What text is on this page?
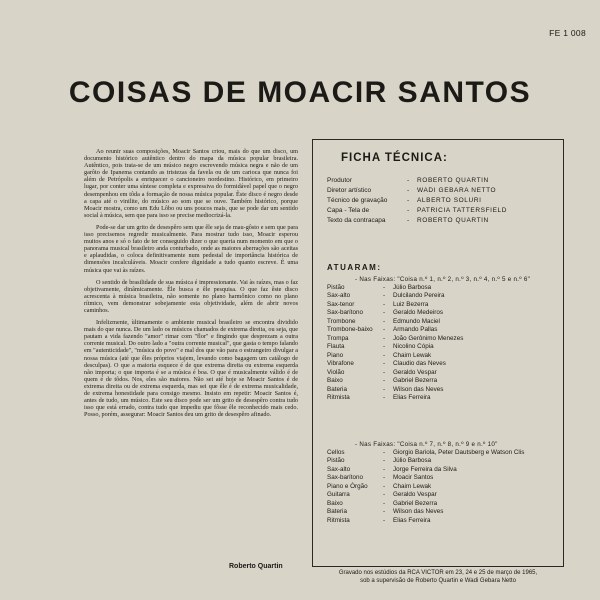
FE 1 008
COISAS DE MOACIR SANTOS

Ao reunir suas composições, Moacir Santos criou, mais do que um disco, um documento histórico autêntico dentro do mapa da música popular brasileira. Autêntico, pois trata-se de um músico negro escrevendo música negra e não de um garôto de Ipanema contando as tristezas da favela ou de um carioca que nunca foi além de Petrópolis a enriquecer o cancioneiro nordestino. Histórico, em primeiro lugar, por conter uma síntese completa e expressiva do formidável papel que o negro desempenhou em tôda a formação de nossa música popular. Êste disco é negro desde a capa até o vinilite, do músico ao som que se ouve. Também histórico, porque Moacir mostra, como um Edu Lôbo ou uns poucos mais, que se pode dar um sentido social à música, sem que para isso se precise mediocrizá-la.

Pode-se dar um grito de desespêro sem que êle seja de mau-gôsto e sem que para isso precisemos regredir musicalmente. Para mostrar tudo isso, Moacir esperou muitos anos e só o fato de ter conseguido dizer o que queria num momento em que o panorama musical brasileiro anda conturbado, onde as maiores aberrações são aceitas e aplaudidas, o coloca definitivamente num pedestal de importância histórica de dimensões incalculáveis. Moacir confere dignidade a tudo quanto escreve. É uma música que vai às raízes.

O sentido de brasilidade de sua música é impressionante. Vai às raízes, mas o faz objetivamente, dinâmicamente. Êle busca e êle pesquisa. O que faz êste disco acrescenta à música brasileira, não somente no plano harmônico como no plano rítmico, vem demonstrar sobejamente esta objetividade, além de abrir novos caminhos.

Infelizmente, ùltimamente o ambiente musical brasileiro se encontra dividido mais do que nunca. De um lado os músicos chamados de extrema direita, ou seja, que pautam a vida fazendo "amor" rimar com "flor" e fingindo que desprezam a outra corrente musical. Do outro lado a "outra corrente musical", que gasta o tempo falando em "autenticidade", "música do povo" e mal dos que vão para o estrangeiro divulgar a nossa música (até que êles próprios viajem, levando como bagagem um catálogo de desculpas). O que a maioria esquece é de que extrema direita ou extrema esquerda não importa; o que importa é se a música é boa. O que é musicalmente válido é de quem é de tôdos. Nos, eles são maiores. Não sei até hoje se Moacir Santos é de extrema direita ou de extrema esquerda, mas sei que êle é de extrema musicalidade, de extrema honestidade para consigo mesmo. Insisto em repetir: Moacir Santos é, antes de tudo, um músico. Este seu disco pode ser um grito de desespêro contra tudo isso que está errado, contra tudo que impediu que fôsse êle reconhecido mais cedo. Posso, porém, assegurar: Moacir Santos deu um grito de desespêro afinado.

Roberto Quartin
FICHA TÉCNICA:
Produtor	-	ROBERTO QUARTIN
Diretor artístico	-	WADI GEBARA NETTO
Técnico de gravação	-	ALBERTO SOLURI
Capa - Tela de	-	PATRICIA TATTERSFIELD
Texto da contracapa	-	ROBERTO QUARTIN
ATUARAM:
- Nas Faixas: "Coisa n.º 1, n.º 2, n.º 3, n.º 4, n.º 5 e n.º 6"
Pistão	-	Júlio Barbosa
Sax-alto	-	Dulcilando Pereira
Sax-tenor	-	Luiz Bezerra
Sax-barítono	-	Geraldo Medeiros
Trombone	-	Edmundo Maciel
Trombone-baixo	-	Armando Pallas
Trompa	-	João Gerônimo Menezes
Flauta	-	Nicolino Cópia
Piano	-	Chaim Lewak
Vibrafone	-	Claudio das Neves
Violão	-	Geraldo Vespar
Baixo	-	Gabriel Bezerra
Bateria	-	Wilson das Neves
Ritmista	-	Elias Ferreira
- Nas Faixas: "Coisa n.º 7, n.º 8, n.º 9 e n.º 10"
Cellos	-	Giorgio Bariola, Peter Dautsberg e Watson Clis
Pistão	-	Júlio Barbosa
Sax-alto	-	Jorge Ferreira da Silva
Sax-barítono	-	Moacir Santos
Piano e Órgão	-	Chaim Lewak
Guitarra	-	Geraldo Vespar
Baixo	-	Gabriel Bezerra
Bateria	-	Wilson das Neves
Ritmista	-	Elias Ferreira
Gravado nos estúdios da RCA VICTOR em 23, 24 e 25 de março de 1965,
sob a supervisão de Roberto Quartin e Wadi Gebara Netto
